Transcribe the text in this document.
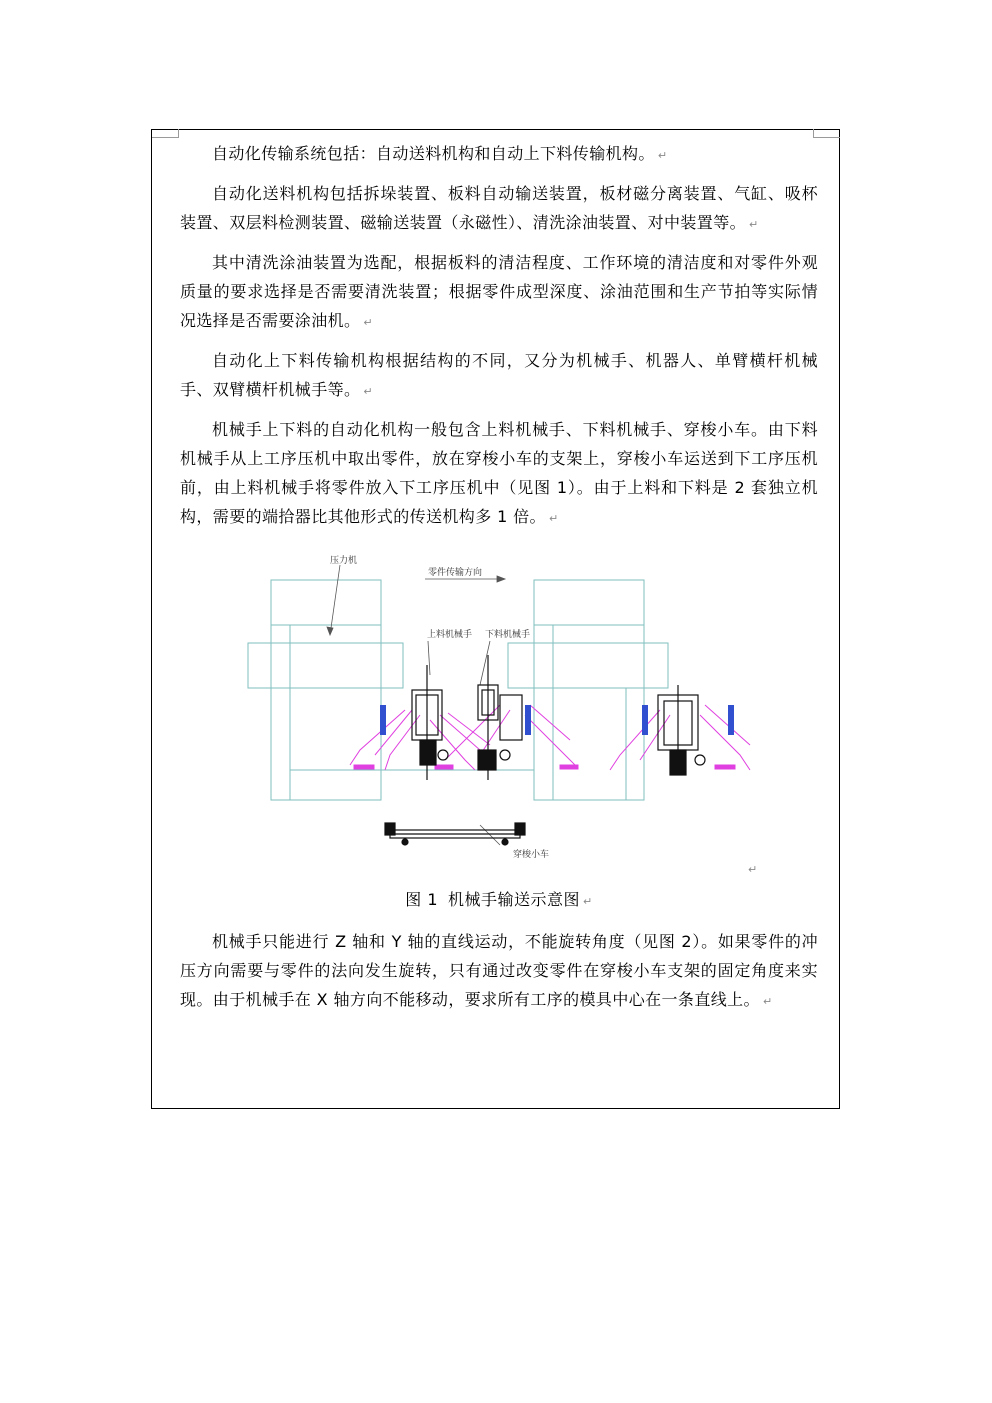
自动化传输系统包括：自动送料机构和自动上下料传输机构。 ↵

自动化送料机构包括拆垛装置、板料自动输送装置，板材磁分离装置、气缸、吸杯装置、双层料检测装置、磁输送装置（永磁性）、清洗涂油装置、对中装置等。 ↵

其中清洗涂油装置为选配，根据板料的清洁程度、工作环境的清洁度和对零件外观质量的要求选择是否需要清洗装置；根据零件成型深度、涂油范围和生产节拍等实际情况选择是否需要涂油机。 ↵

自动化上下料传输机构根据结构的不同，又分为机械手、机器人、单臂横杆机械手、双臂横杆机械手等。 ↵

机械手上下料的自动化机构一般包含上料机械手、下料机械手、穿梭小车。由下料机械手从上工序压机中取出零件，放在穿梭小车的支架上，穿梭小车运送到下工序压机前，由上料机械手将零件放入下工序压机中（见图 1）。由于上料和下料是 2 套独立机构，需要的端拾器比其他形式的传送机构多 1 倍。 ↵

压力机
零件传输方向
上料机械手 下料机械手
穿梭小车
↵

图 1 机械手输送示意图 ↵

机械手只能进行 Z 轴和 Y 轴的直线运动，不能旋转角度（见图 2）。如果零件的冲压方向需要与零件的法向发生旋转，只有通过改变零件在穿梭小车支架的固定角度来实现。由于机械手在 X 轴方向不能移动，要求所有工序的模具中心在一条直线上。 ↵
